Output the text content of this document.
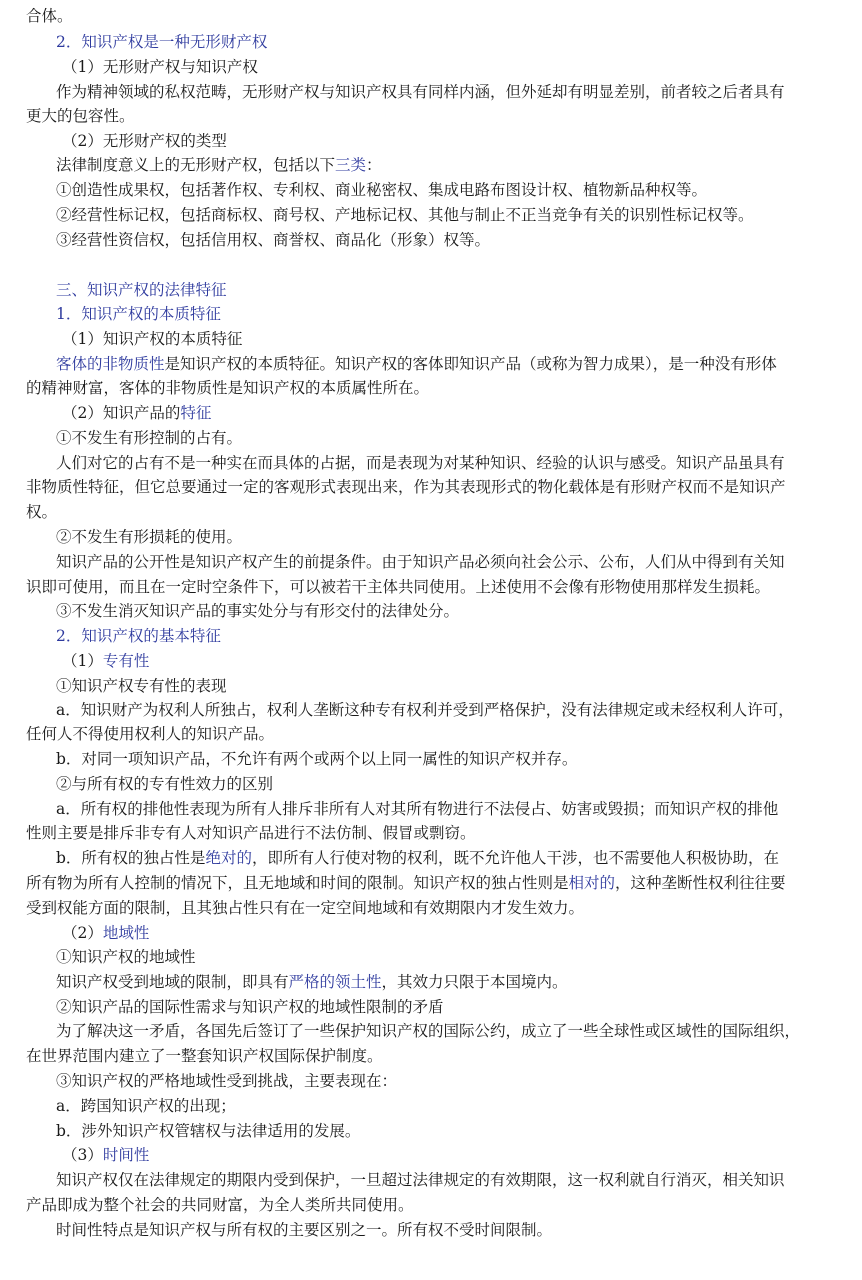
合体。
2．知识产权是一种无形财产权
（1）无形财产权与知识产权
作为精神领域的私权范畴，无形财产权与知识产权具有同样内涵，但外延却有明显差别，前者较之后者具有
更大的包容性。
（2）无形财产权的类型
法律制度意义上的无形财产权，包括以下三类：
①创造性成果权，包括著作权、专利权、商业秘密权、集成电路布图设计权、植物新品种权等。
②经营性标记权，包括商标权、商号权、产地标记权、其他与制止不正当竞争有关的识别性标记权等。
③经营性资信权，包括信用权、商誉权、商品化（形象）权等。
三、知识产权的法律特征
1．知识产权的本质特征
（1）知识产权的本质特征
客体的非物质性是知识产权的本质特征。知识产权的客体即知识产品（或称为智力成果），是一种没有形体
的精神财富，客体的非物质性是知识产权的本质属性所在。
（2）知识产品的特征
①不发生有形控制的占有。
人们对它的占有不是一种实在而具体的占据，而是表现为对某种知识、经验的认识与感受。知识产品虽具有
非物质性特征，但它总要通过一定的客观形式表现出来，作为其表现形式的物化载体是有形财产权而不是知识产
权。
②不发生有形损耗的使用。
知识产品的公开性是知识产权产生的前提条件。由于知识产品必须向社会公示、公布，人们从中得到有关知
识即可使用，而且在一定时空条件下，可以被若干主体共同使用。上述使用不会像有形物使用那样发生损耗。
③不发生消灭知识产品的事实处分与有形交付的法律处分。
2．知识产权的基本特征
（1）专有性
①知识产权专有性的表现
a．知识财产为权利人所独占，权利人垄断这种专有权利并受到严格保护，没有法律规定或未经权利人许可，
任何人不得使用权利人的知识产品。
b．对同一项知识产品，不允许有两个或两个以上同一属性的知识产权并存。
②与所有权的专有性效力的区别
a．所有权的排他性表现为所有人排斥非所有人对其所有物进行不法侵占、妨害或毁损；而知识产权的排他
性则主要是排斥非专有人对知识产品进行不法仿制、假冒或剽窃。
b．所有权的独占性是绝对的，即所有人行使对物的权利，既不允许他人干涉，也不需要他人积极协助，在
所有物为所有人控制的情况下，且无地域和时间的限制。知识产权的独占性则是相对的，这种垄断性权利往往要
受到权能方面的限制，且其独占性只有在一定空间地域和有效期限内才发生效力。
（2）地域性
①知识产权的地域性
知识产权受到地域的限制，即具有严格的领土性，其效力只限于本国境内。
②知识产品的国际性需求与知识产权的地域性限制的矛盾
为了解决这一矛盾，各国先后签订了一些保护知识产权的国际公约，成立了一些全球性或区域性的国际组织，
在世界范围内建立了一整套知识产权国际保护制度。
③知识产权的严格地域性受到挑战，主要表现在：
a．跨国知识产权的出现；
b．涉外知识产权管辖权与法律适用的发展。
（3）时间性
知识产权仅在法律规定的期限内受到保护，一旦超过法律规定的有效期限，这一权利就自行消灭，相关知识
产品即成为整个社会的共同财富，为全人类所共同使用。
时间性特点是知识产权与所有权的主要区别之一。所有权不受时间限制。
